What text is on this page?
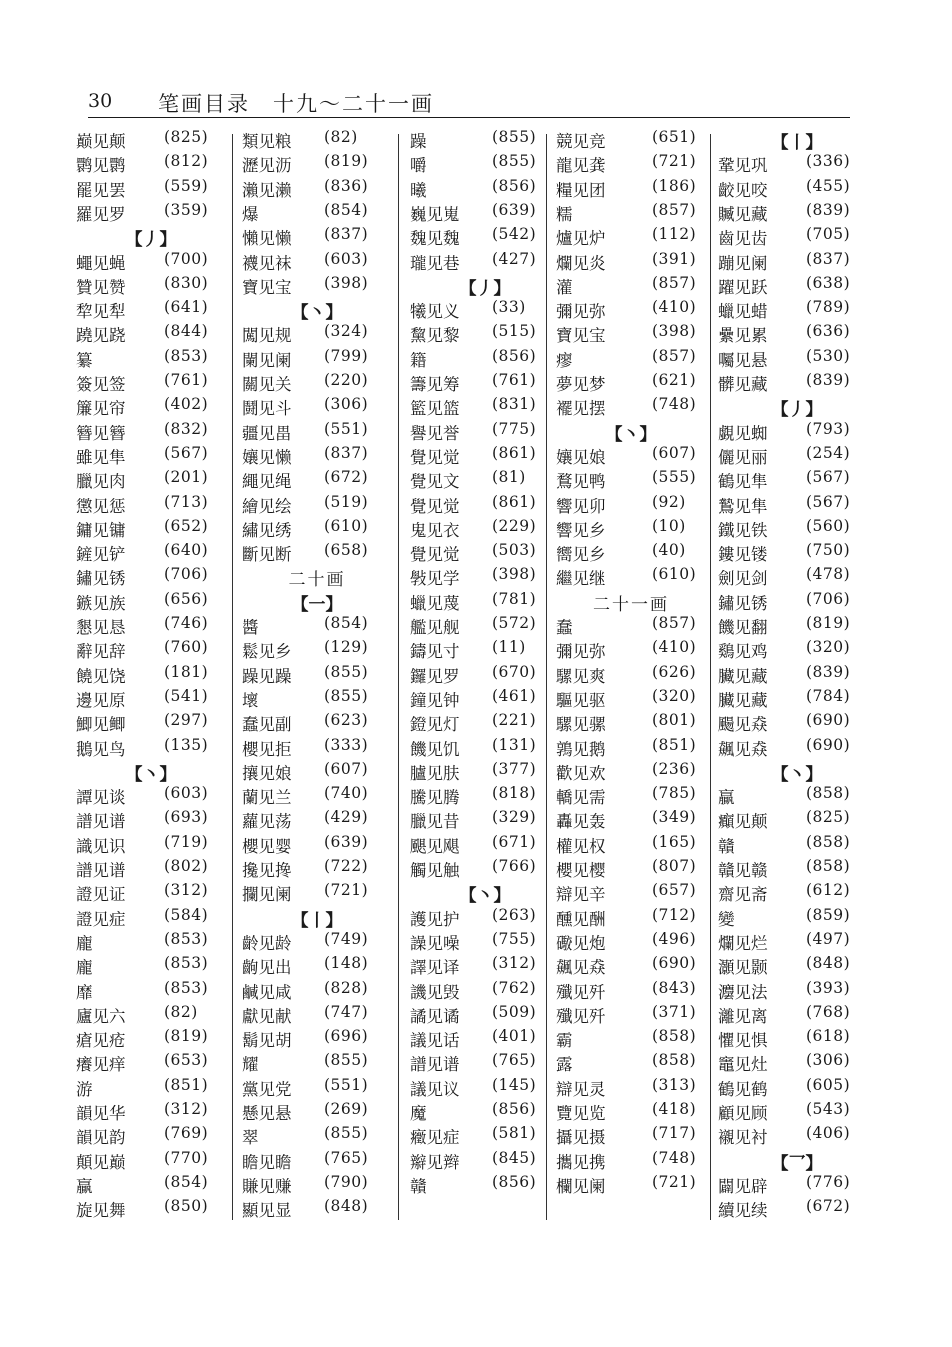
30 笔画目录　十九～二十一画
巅见颠 (825)
鹮见鹮 (812)
罷见罢 (559)
羅见罗 (359)
【丿】
蠅见蝇 (700)
贊见赞 (830)
犂见犁 (641)
蹺见跷 (844)
纂	(853)
簽见签 (761)
簾见帘 (402)
簪见簪 (832)
雖见隼 (567)
臘见肉 (201)
懲见惩 (713)
鏞见镛 (652)
鏟见铲 (640)
鏽见锈 (706)
鏃见族 (656)
懇见恳 (746)
辭见辞 (760)
饒见饶 (181)
邊见原 (541)
鯽见鲫 (297)
鵝见鸟 (135)
【丶】
譚见谈 (603)
譜见谱 (693)
識见识 (719)
譜见谱 (802)
證见证 (312)
證见症 (584)
龐	(853)
龐	(853)
靡	(853)
廬见六 (82)
瘡见疮 (819)
癢见痒 (653)
游	(851)
韻见华 (312)
韻见韵 (769)
顛见巅 (770)
贏	(854)
旋见舞 (850)
類见粮 (82)
瀝见沥 (819)
瀨见濑 (836)
爆	(854)
懶见懒 (837)
襪见袜 (603)
寶见宝 (398)
【丶】
闖见规 (324)
闌见阑 (799)
關见关 (220)
鬪见斗 (306)
疆见畕 (551)
孃见懒 (837)
繩见绳 (672)
繪见绘 (519)
繡见绣 (610)
斷见断 (658)
二十画
【一】
醬	(854)
鬆见乡 (129)
躁见躁 (855)
壞	(855)
蠢见副 (623)
櫻见拒 (333)
攘见娘 (607)
蘭见兰 (740)
蘿见荡 (429)
櫻见婴 (639)
攙见搀 (722)
攔见阑 (721)
【丨】
齡见龄 (749)
齣见出 (148)
鹹见咸 (828)
獻见献 (747)
鬍见胡 (696)
耀	(855)
黨见党 (551)
懸见悬 (269)
翠	(855)
瞻见瞻 (765)
賺见赚 (790)
顯见显 (848)
躁	(855)
嚼	(855)
曦	(856)
巍见嵬 (639)
魏见魏 (542)
瓏见巷 (427)
【丿】
犧见义 (33)
黧见黎 (515)
籍	(856)
籌见筹 (761)
籃见篮 (831)
譽见誉 (775)
覺见觉 (861)
覺见文 (81)
覺见觉 (861)
鬼见衣 (229)
覺见觉 (503)
斅见学 (398)
蠟见蔑 (781)
艦见舰 (572)
鑄见寸 (11)
鑼见罗 (670)
鐘见钟 (461)
鐙见灯 (221)
饑见饥 (131)
臚见肤 (377)
騰见腾 (818)
臘见昔 (329)
颶见飓 (671)
觸见触 (766)
【丶】
護见护 (263)
譟见噪 (755)
譯见译 (312)
譏见毁 (762)
譎见谲 (509)
議见话 (401)
譜见谱 (765)
議见议 (145)
魔	(856)
癥见症 (581)
辮见辫 (845)
贛	(856)
競见竞	(651)
龍见龚	(721)
糧见团	(186)
糯	(857)
爐见炉	(112)
爛见炎	(391)
灌	(857)
彌见弥	(410)
寶见宝	(398)
瘳	(857)
夢见梦	(621)
襬见摆	(748)
【丶】
孃见娘	(607)
鶩见鸭	(555)
響见卯	(92)
響见乡	(10)
嚮见乡	(40)
繼见继	(610)
二十一画
蠢	(857)
彌见弥	(410)
騾见爽	(626)
驅见驱	(320)
騾见骡	(801)
鶉见鹅	(851)
歡见欢	(236)
轎见需	(785)
轟见轰	(349)
權见权	(165)
櫻见樱	(807)
辯见辛	(657)
醺见酬	(712)
礮见炮	(496)
飆见猋	(690)
殲见歼	(843)
殲见歼	(371)
霸	(858)
露	(858)
辯见灵	(313)
覽见览	(418)
攝见摄	(717)
攜见携	(748)
欄见阑	(721)
【丨】
鞏见巩 (336)
齩见咬 (455)
贓见藏 (839)
齒见齿 (705)
蹦见阑 (837)
躍见跃 (638)
蠟见蜡 (789)
纍见累 (636)
囑见悬 (530)
髒见藏 (839)
【丿】
覷见蜘 (793)
儷见丽 (254)
鶴见隼 (567)
鷙见隼 (567)
鐵见铁 (560)
鏤见镂 (750)
劍见剑 (478)
鏽见锈 (706)
饑见翻 (819)
鷄见鸡 (320)
臟见藏 (839)
臟见藏 (784)
颺见猋 (690)
飆见猋 (690)
【丶】
贏	(858)
癲见颠 (825)
贛	(858)
贛见赣 (858)
齋见斋 (612)
變	(859)
爛见烂 (497)
灝见颢 (848)
灋见法 (393)
灕见离 (768)
懼见惧 (618)
竈见灶 (306)
鶴见鹤 (605)
顧见顾 (543)
襯见衬 (406)
【乛】
闢见辟 (776)
續见续 (672)
